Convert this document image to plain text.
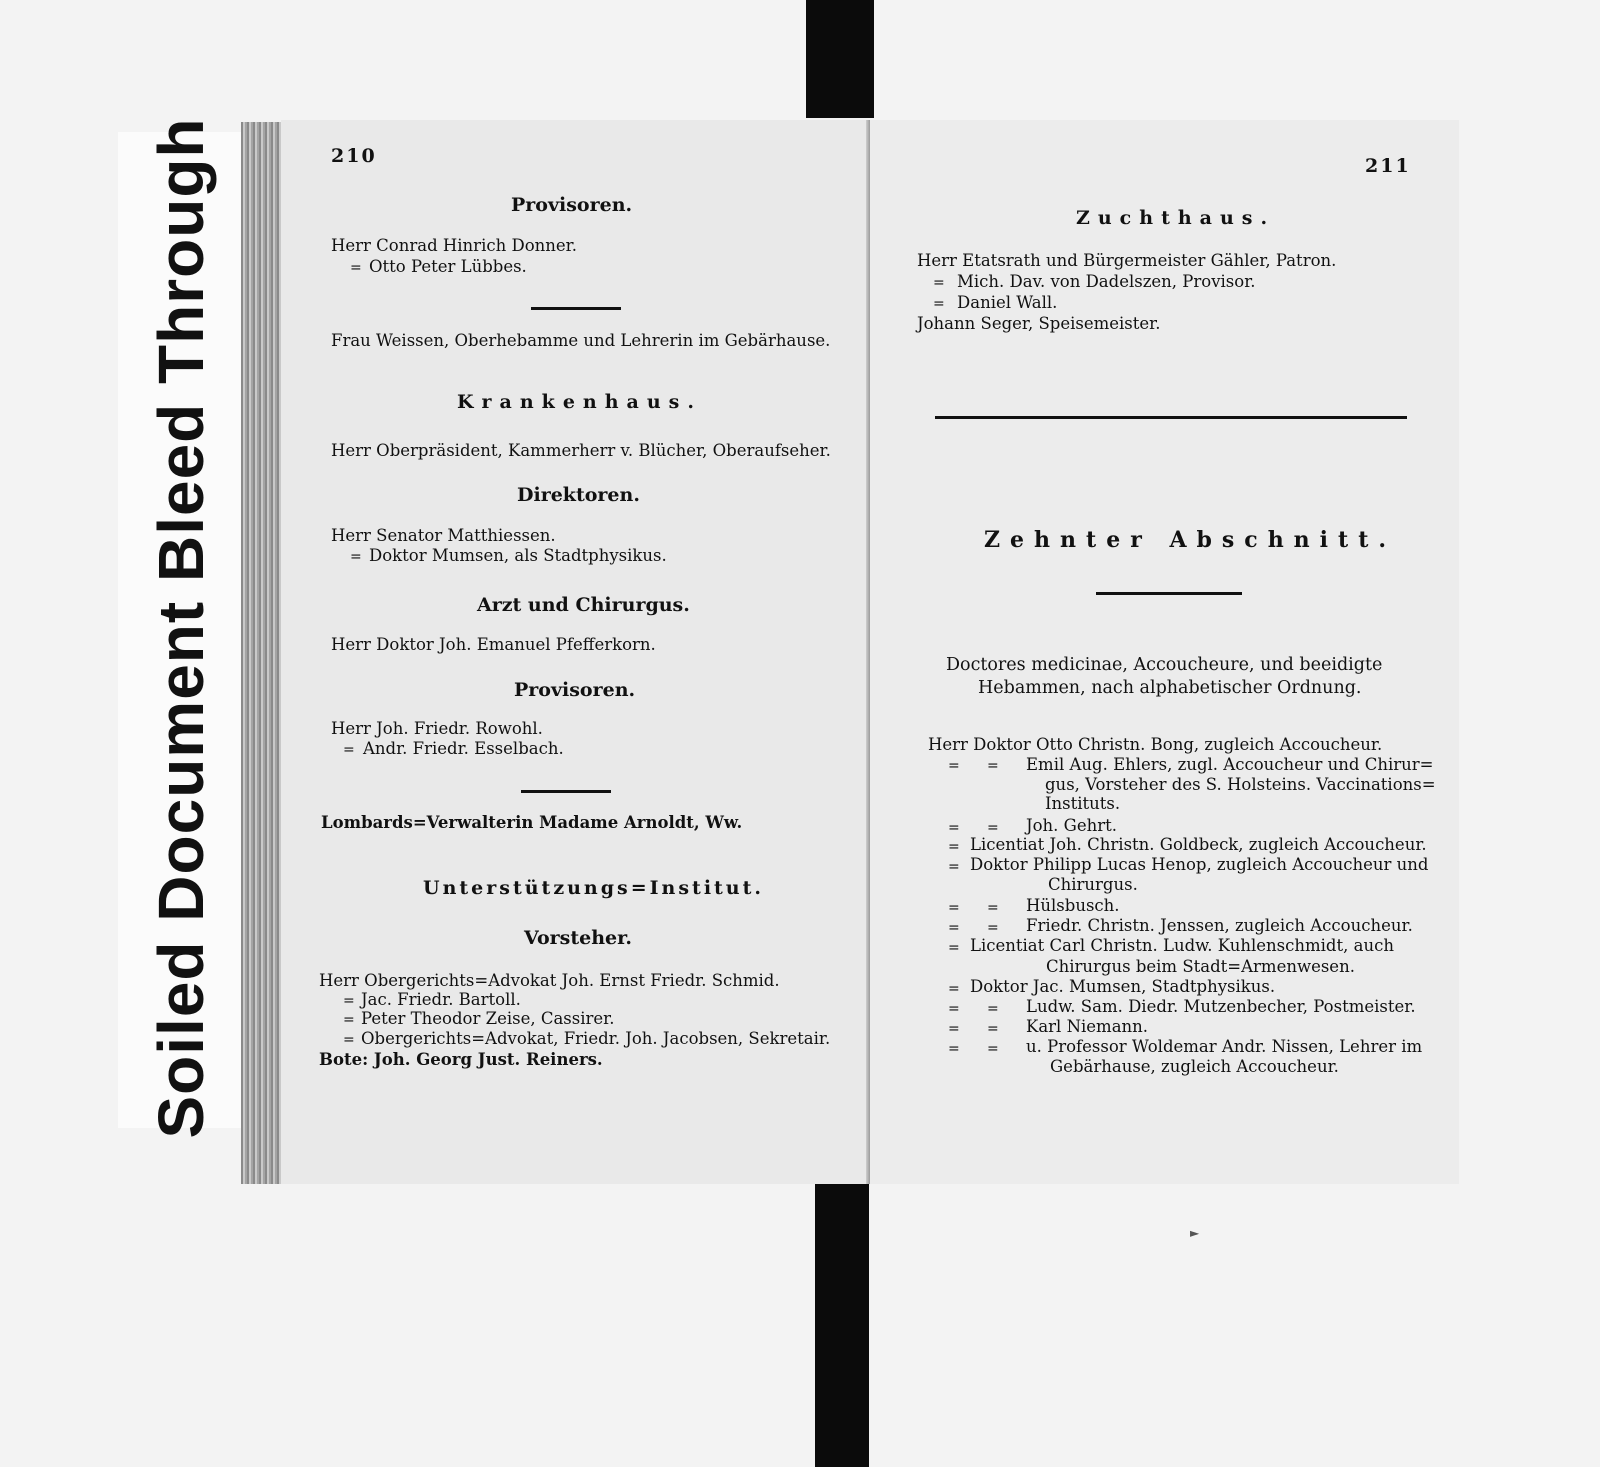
Soiled Document Bleed Through	210
Provisoren.
Herr Conrad Hinrich Donner.
= Otto Peter Lübbes.
Frau Weissen, Oberhebamme und Lehrerin im Gebärhause.
Krankenhaus.
Herr Oberpräsident, Kammerherr v. Blücher, Oberaufseher.
Direktoren.
Herr Senator Matthiessen.
= Doktor Mumsen, als Stadtphysikus.
Arzt und Chirurgus.
Herr Doktor Joh. Emanuel Pfefferkorn.
Provisoren.
Herr Joh. Friedr. Rowohl.
= Andr. Friedr. Esselbach.
Lombards=Verwalterin Madame Arnoldt, Ww.
Unterstützungs=Institut.
Vorsteher.
Herr Obergerichts=Advokat Joh. Ernst Friedr. Schmid.
= Jac. Friedr. Bartoll.
= Peter Theodor Zeise, Cassirer.
= Obergerichts=Advokat, Friedr. Joh. Jacobsen, Sekretair.
Bote: Joh. Georg Just. Reiners.
211
Zuchthaus.
Herr Etatsrath und Bürgermeister Gähler, Patron.
= Mich. Dav. von Dadelszen, Provisor.
= Daniel Wall.
Johann Seger, Speisemeister.
Zehnter Abschnitt.
Doctores medicinae, Accoucheure, und beeidigte
Hebammen, nach alphabetischer Ordnung.
Herr Doktor Otto Christn. Bong, zugleich Accoucheur.
= = Emil Aug. Ehlers, zugl. Accoucheur und Chirur=
gus, Vorsteher des S. Holsteins. Vaccinations=
Instituts.
= = Joh. Gehrt.
= Licentiat Joh. Christn. Goldbeck, zugleich Accoucheur.
= Doktor Philipp Lucas Henop, zugleich Accoucheur und
Chirurgus.
= = Hülsbusch.
= = Friedr. Christn. Jenssen, zugleich Accoucheur.
= Licentiat Carl Christn. Ludw. Kuhlenschmidt, auch
Chirurgus beim Stadt=Armenwesen.
= Doktor Jac. Mumsen, Stadtphysikus.
= = Ludw. Sam. Diedr. Mutzenbecher, Postmeister.
= = Karl Niemann.
= = u. Professor Woldemar Andr. Nissen, Lehrer im
Gebärhause, zugleich Accoucheur.
►
